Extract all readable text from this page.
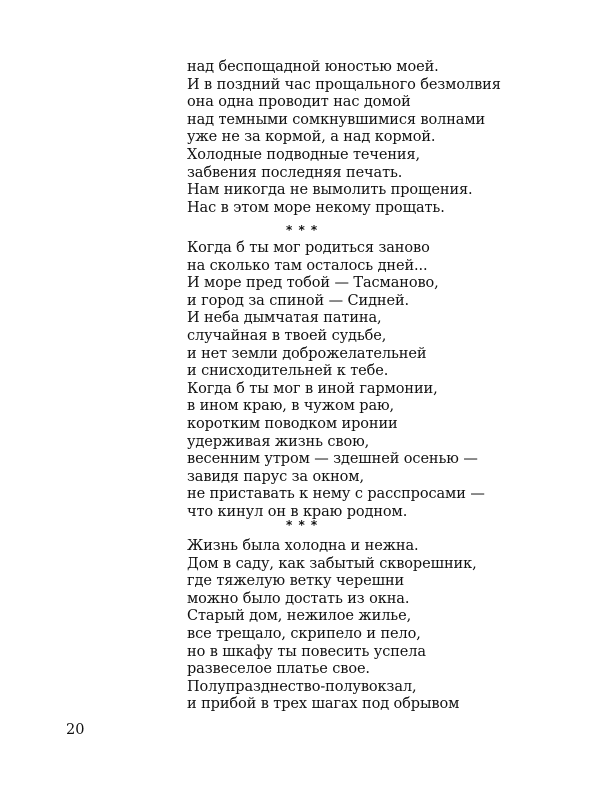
над беспощадной юностью моей.
И в поздний час прощального безмолвия
она одна проводит нас домой
над темными сомкнувшимися волнами
уже не за кормой, а над кормой.
Холодные подводные течения,
забвения последняя печать.
Нам никогда не вымолить прощения.
Нас в этом море некому прощать.
* * *
Когда б ты мог родиться заново
на сколько там осталось дней...
И море пред тобой — Тасманово,
и город за спиной — Сидней.
И неба дымчатая патина,
случайная в твоей судьбе,
и нет земли доброжелательней
и снисходительней к тебе.
Когда б ты мог в иной гармонии,
в ином краю, в чужом раю,
коротким поводком иронии
удерживая жизнь свою,
весенним утром — здешней осенью —
завидя парус за окном,
не приставать к нему с расспросами —
что кинул он в краю родном.
* * *
Жизнь была холодна и нежна.
Дом в саду, как забытый скворешник,
где тяжелую ветку черешни
можно было достать из окна.
Старый дом, нежилое жилье,
все трещало, скрипело и пело,
но в шкафу ты повесить успела
развеселое платье свое.
Полупразднество-полувокзал,
и прибой в трех шагах под обрывом
20
